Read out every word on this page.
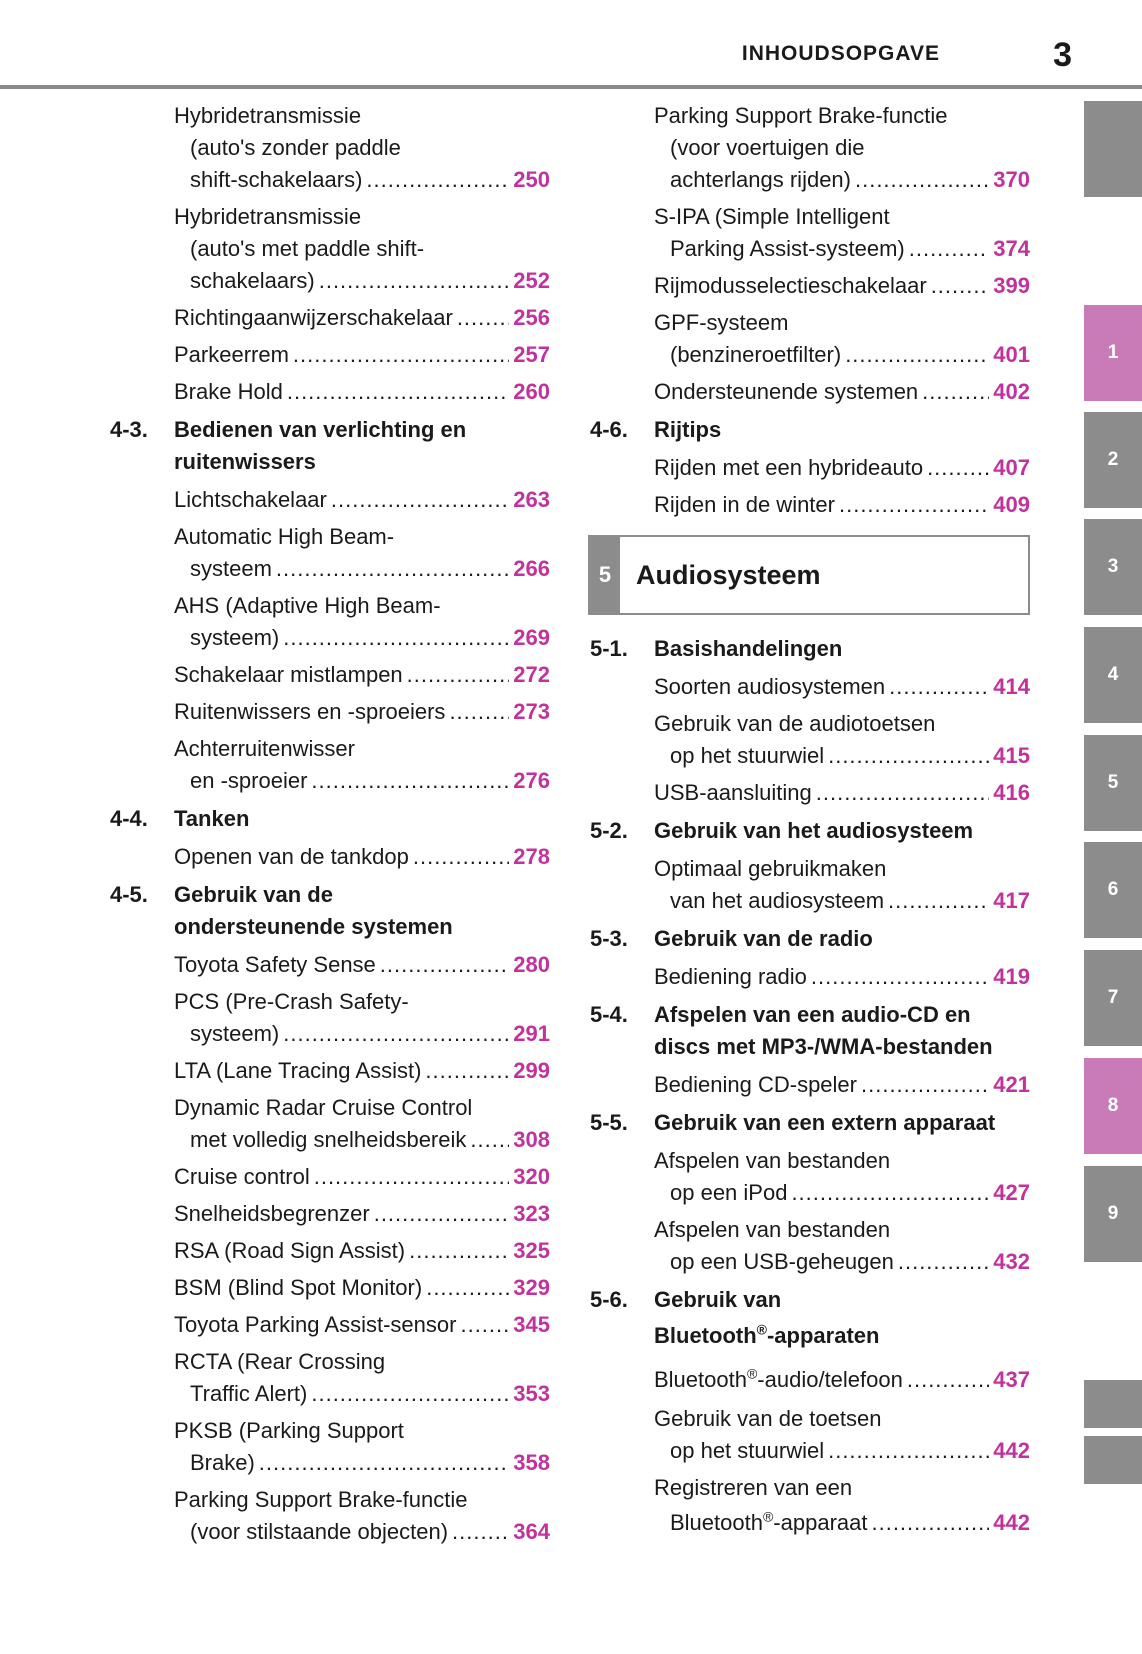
INHOUDSOPGAVE	3
Hybridetransmissie
(auto's zonder paddle
shift-schakelaars) .....	250
Hybridetransmissie
(auto's met paddle shift-
schakelaars) .....	252
Richtingaanwijzerschakelaar .....	256
Parkeerrem .....	257
Brake Hold .....	260
4-3.	Bedienen van verlichting en
ruitenwissers
Lichtschakelaar .....	263
Automatic High Beam-
systeem .....	266
AHS (Adaptive High Beam-
systeem) .....	269
Schakelaar mistlampen .....	272
Ruitenwissers en -sproeiers .....	273
Achterruitenwisser
en -sproeier .....	276
4-4.	Tanken
Openen van de tankdop .....	278
4-5.	Gebruik van de
ondersteunende systemen
Toyota Safety Sense .....	280
PCS (Pre-Crash Safety-
systeem) .....	291
LTA (Lane Tracing Assist) .....	299
Dynamic Radar Cruise Control
met volledig snelheidsbereik ..... 308
Cruise control .....	320
Snelheidsbegrenzer .....	323
RSA (Road Sign Assist) .....	325
BSM (Blind Spot Monitor) .....	329
Toyota Parking Assist-sensor .....	345
RCTA (Rear Crossing
Traffic Alert) .....	353
PKSB (Parking Support
Brake) .....	358
Parking Support Brake-functie
(voor stilstaande objecten) .....	364
Parking Support Brake-functie
(voor voertuigen die
achterlangs rijden) .....	370
S-IPA (Simple Intelligent
Parking Assist-systeem) .....	374
Rijmodusselectieschakelaar .....	399
GPF-systeem
(benzineroetfilter) .....	401
Ondersteunende systemen .....	402
4-6.	Rijtips
Rijden met een hybrideauto .....	407
Rijden in de winter .....	409
5 Audiosysteem
5-1.	Basishandelingen
Soorten audiosystemen .....	414
Gebruik van de audiotoetsen
op het stuurwiel .....	415
USB-aansluiting .....	416
5-2.	Gebruik van het audiosysteem
Optimaal gebruikmaken
van het audiosysteem .....	417
5-3.	Gebruik van de radio
Bediening radio .....	419
5-4.	Afspelen van een audio-CD en
discs met MP3-/WMA-bestanden
Bediening CD-speler .....	421
5-5.	Gebruik van een extern apparaat
Afspelen van bestanden
op een iPod .....	427
Afspelen van bestanden
op een USB-geheugen .....	432
5-6.	Gebruik van
Bluetooth®-apparaten
Bluetooth®-audio/telefoon .....	437
Gebruik van de toetsen
op het stuurwiel .....	442
Registreren van een
Bluetooth®-apparaat .....	442
1
2
3
4
5
6
7
8
9
